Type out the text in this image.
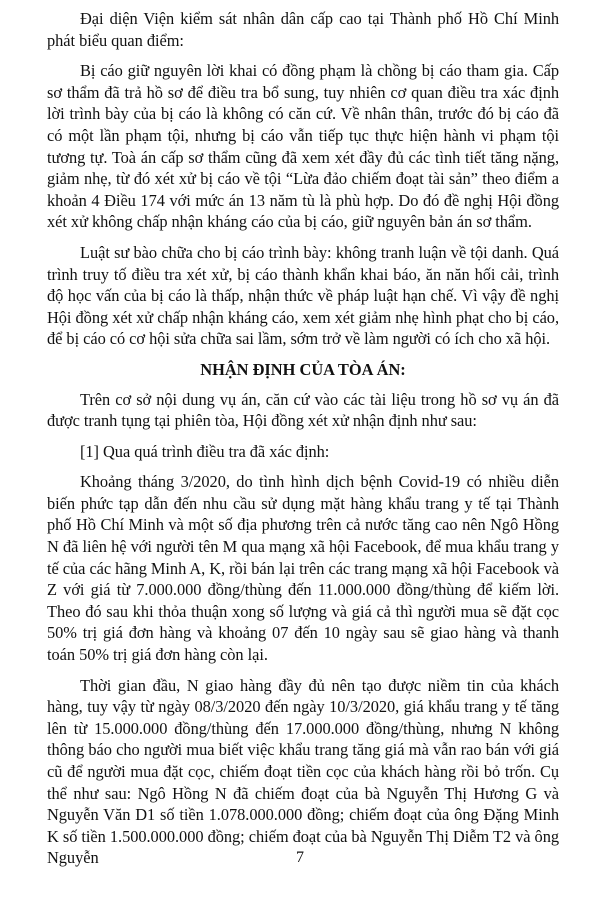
Đại diện Viện kiểm sát nhân dân cấp cao tại Thành phố Hồ Chí Minh phát biểu quan điểm:

Bị cáo giữ nguyên lời khai có đồng phạm là chồng bị cáo tham gia. Cấp sơ thẩm đã trả hồ sơ để điều tra bổ sung, tuy nhiên cơ quan điều tra xác định lời trình bày của bị cáo là không có căn cứ. Về nhân thân, trước đó bị cáo đã có một lần phạm tội, nhưng bị cáo vẫn tiếp tục thực hiện hành vi phạm tội tương tự. Toà án cấp sơ thẩm cũng đã xem xét đầy đủ các tình tiết tăng nặng, giảm nhẹ, từ đó xét xử bị cáo về tội “Lừa đảo chiếm đoạt tài sản” theo điểm a khoản 4 Điều 174 với mức án 13 năm tù là phù hợp. Do đó đề nghị Hội đồng xét xử không chấp nhận kháng cáo của bị cáo, giữ nguyên bản án sơ thẩm.

Luật sư bào chữa cho bị cáo trình bày: không tranh luận về tội danh. Quá trình truy tố điều tra xét xử, bị cáo thành khẩn khai báo, ăn năn hối cải, trình độ học vấn của bị cáo là thấp, nhận thức về pháp luật hạn chế. Vì vậy đề nghị Hội đồng xét xử chấp nhận kháng cáo, xem xét giảm nhẹ hình phạt cho bị cáo, để bị cáo có cơ hội sửa chữa sai lầm, sớm trở về làm người có ích cho xã hội.

NHẬN ĐỊNH CỦA TÒA ÁN:

Trên cơ sở nội dung vụ án, căn cứ vào các tài liệu trong hồ sơ vụ án đã được tranh tụng tại phiên tòa, Hội đồng xét xử nhận định như sau:

[1] Qua quá trình điều tra đã xác định:

Khoảng tháng 3/2020, do tình hình dịch bệnh Covid-19 có nhiều diễn biến phức tạp dẫn đến nhu cầu sử dụng mặt hàng khẩu trang y tế tại Thành phố Hồ Chí Minh và một số địa phương trên cả nước tăng cao nên Ngô Hồng N đã liên hệ với người tên M qua mạng xã hội Facebook, để mua khẩu trang y tế của các hãng Minh A, K, rồi bán lại trên các trang mạng xã hội Facebook và Z với giá từ 7.000.000 đồng/thùng đến 11.000.000 đồng/thùng để kiếm lời. Theo đó sau khi thỏa thuận xong số lượng và giá cả thì người mua sẽ đặt cọc 50% trị giá đơn hàng và khoảng 07 đến 10 ngày sau sẽ giao hàng và thanh toán 50% trị giá đơn hàng còn lại.

Thời gian đầu, N giao hàng đầy đủ nên tạo được niềm tin của khách hàng, tuy vậy từ ngày 08/3/2020 đến ngày 10/3/2020, giá khẩu trang y tế tăng lên từ 15.000.000 đồng/thùng đến 17.000.000 đồng/thùng, nhưng N không thông báo cho người mua biết việc khẩu trang tăng giá mà vẫn rao bán với giá cũ để người mua đặt cọc, chiếm đoạt tiền cọc của khách hàng rồi bỏ trốn. Cụ thể như sau: Ngô Hồng N đã chiếm đoạt của bà Nguyễn Thị Hương G và Nguyễn Văn D1 số tiền 1.078.000.000 đồng; chiếm đoạt của ông Đặng Minh K số tiền 1.500.000.000 đồng; chiếm đoạt của bà Nguyễn Thị Diễm T2 và ông Nguyễn	7
